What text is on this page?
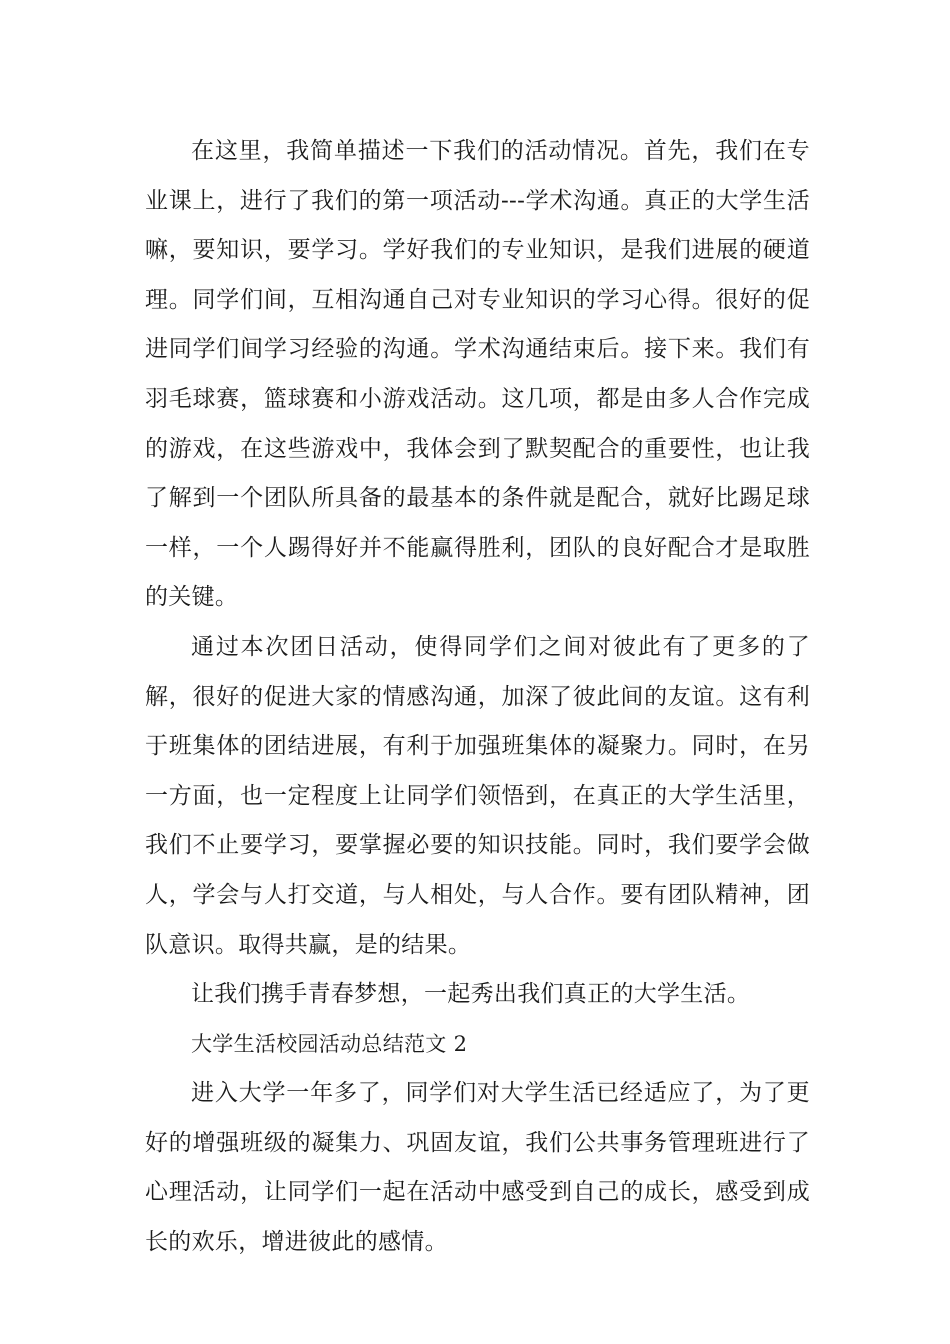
在这里，我简单描述一下我们的活动情况。首先，我们在专业课上，进行了我们的第一项活动---学术沟通。真正的大学生活嘛，要知识，要学习。学好我们的专业知识，是我们进展的硬道理。同学们间，互相沟通自己对专业知识的学习心得。很好的促进同学们间学习经验的沟通。学术沟通结束后。接下来。我们有羽毛球赛，篮球赛和小游戏活动。这几项，都是由多人合作完成的游戏，在这些游戏中，我体会到了默契配合的重要性，也让我了解到一个团队所具备的最基本的条件就是配合，就好比踢足球一样，一个人踢得好并不能赢得胜利，团队的良好配合才是取胜的关键。

通过本次团日活动，使得同学们之间对彼此有了更多的了解，很好的促进大家的情感沟通，加深了彼此间的友谊。这有利于班集体的团结进展，有利于加强班集体的凝聚力。同时，在另一方面，也一定程度上让同学们领悟到，在真正的大学生活里，我们不止要学习，要掌握必要的知识技能。同时，我们要学会做人，学会与人打交道，与人相处，与人合作。要有团队精神，团队意识。取得共赢，是的结果。

让我们携手青春梦想，一起秀出我们真正的大学生活。

大学生活校园活动总结范文 2

进入大学一年多了，同学们对大学生活已经适应了，为了更好的增强班级的凝集力、巩固友谊，我们公共事务管理班进行了心理活动，让同学们一起在活动中感受到自己的成长，感受到成长的欢乐，增进彼此的感情。
